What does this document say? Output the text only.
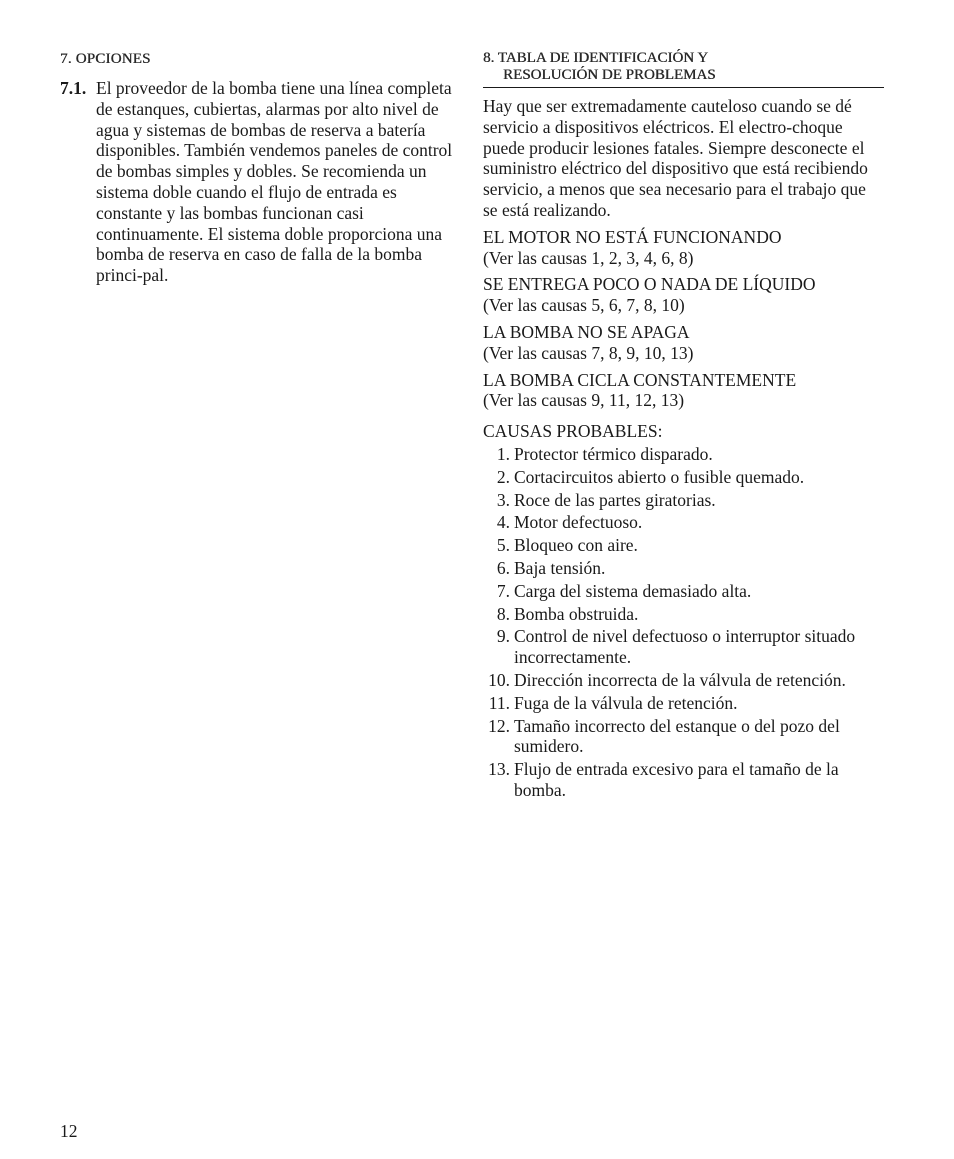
7. OPCIONES
7.1. El proveedor de la bomba tiene una línea completa de estanques, cubiertas, alarmas por alto nivel de agua y sistemas de bombas de reserva a batería disponibles. También vendemos paneles de control de bombas simples y dobles. Se recomienda un sistema doble cuando el flujo de entrada es constante y las bombas funcionan casi continuamente. El sistema doble proporciona una bomba de reserva en caso de falla de la bomba princi-pal.
8. TABLA DE IDENTIFICACIÓN Y
RESOLUCIÓN DE PROBLEMAS
Hay que ser extremadamente cauteloso cuando se dé servicio a dispositivos eléctricos. El electro-choque puede producir lesiones fatales. Siempre desconecte el suministro eléctrico del dispositivo que está recibiendo servicio, a menos que sea necesario para el trabajo que se está realizando.
EL MOTOR NO ESTÁ FUNCIONANDO
(Ver las causas 1, 2, 3, 4, 6, 8)
SE ENTREGA POCO O NADA DE LÍQUIDO
(Ver las causas 5, 6, 7, 8, 10)
LA BOMBA NO SE APAGA
(Ver las causas 7, 8, 9, 10, 13)
LA BOMBA CICLA CONSTANTEMENTE
(Ver las causas 9, 11, 12, 13)
CAUSAS PROBABLES:
1. Protector térmico disparado.
2. Cortacircuitos abierto o fusible quemado.
3. Roce de las partes giratorias.
4. Motor defectuoso.
5. Bloqueo con aire.
6. Baja tensión.
7. Carga del sistema demasiado alta.
8. Bomba obstruida.
9. Control de nivel defectuoso o interruptor situado incorrectamente.
10. Dirección incorrecta de la válvula de retención.
11. Fuga de la válvula de retención.
12. Tamaño incorrecto del estanque o del pozo del sumidero.
13. Flujo de entrada excesivo para el tamaño de la bomba.
12
